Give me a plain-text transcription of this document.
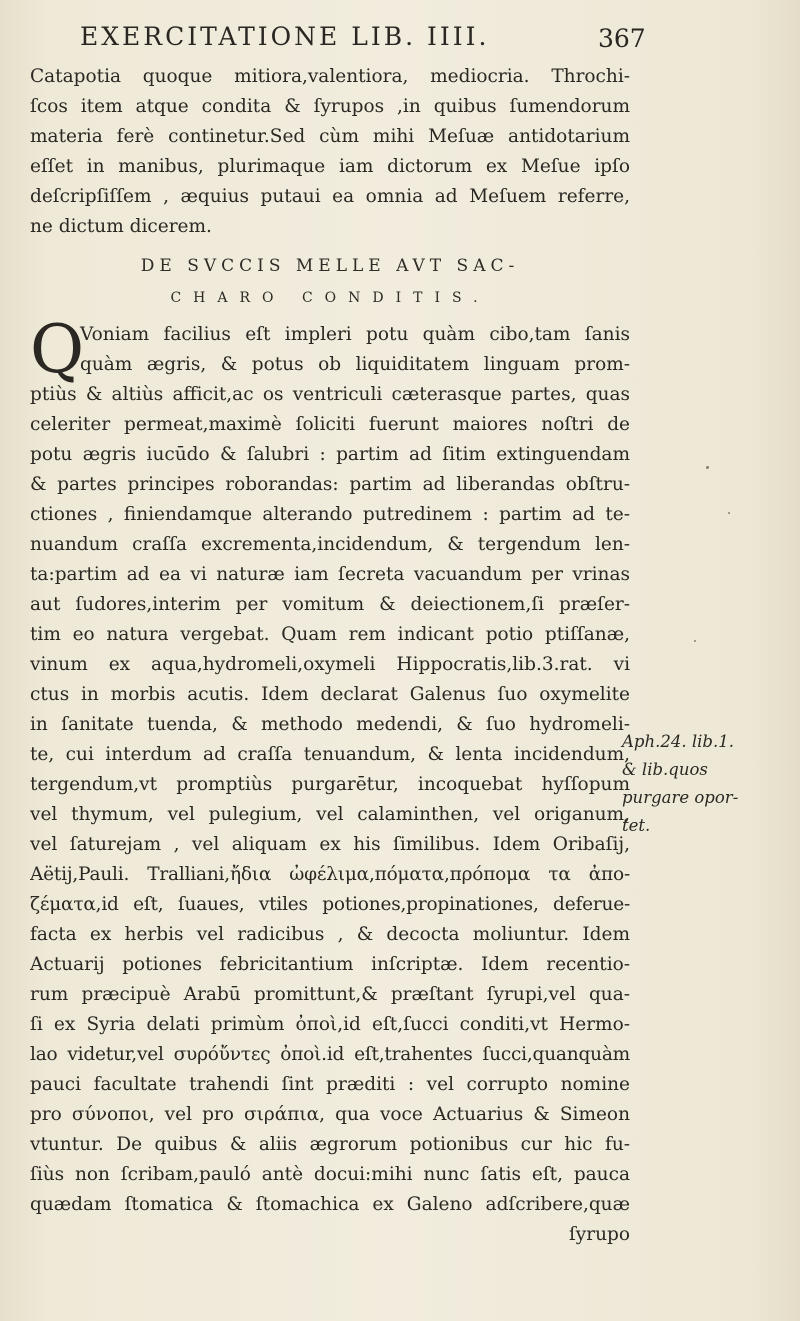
EXERCITATIONE LIB. IIII.	367
Catapotia quoque mitiora,valentiora, mediocria. Throchi-
ſcos item atque condita & ſyrupos ,in quibus ſumendorum
materia ferè continetur.Sed cùm mihi Meſuæ antidotarium
eſſet in manibus, plurimaque iam dictorum ex Meſue ipſo
deſcripſiſſem , æquius putaui ea omnia ad Meſuem referre,
ne dictum dicerem.
DE SVCCIS MELLE AVT SAC-
CHARO CONDITIS.
Q
Voniam facilius eſt impleri potu quàm cibo,tam ſanis
quàm ægris, & potus ob liquiditatem linguam prom-
ptiùs & altiùs afficit,ac os ventriculi cæterasque partes, quas
celeriter permeat,maximè ſoliciti fuerunt maiores noſtri de
potu ægris iucūdo & ſalubri : partim ad ſitim extinguendam
& partes principes roborandas: partim ad liberandas obſtru-
ctiones , finiendamque alterando putredinem : partim ad te-
nuandum craſſa excrementa,incidendum, & tergendum len-
ta:partim ad ea vi naturæ iam ſecreta vacuandum per vrinas
aut ſudores,interim per vomitum & deiectionem,ſi præſer-
tim eo natura vergebat. Quam rem indicant potio ptiſſanæ,
vinum ex aqua,hydromeli,oxymeli Hippocratis,lib.3.rat. vi
ctus in morbis acutis. Idem declarat Galenus ſuo oxymelite
in ſanitate tuenda, & methodo medendi, & ſuo hydromeli-
te, cui interdum ad craſſa tenuandum, & lenta incidendum,
tergendum,vt promptiùs purgarētur, incoquebat hyſſopum
vel thymum, vel pulegium, vel calaminthen, vel origanum,
vel ſaturejam , vel aliquam ex his ſimilibus. Idem Oribaſij,
Aëtij,Pauli. Tralliani,ἤδια ὠφέλιμα,πόματα,πρόπομα τα ἀπο-
ζέματα,id eſt, ſuaues, vtiles potiones,propinationes, deferue-
facta ex herbis vel radicibus , & decocta moliuntur. Idem
Actuarij potiones febricitantium inſcriptæ. Idem recentio-
rum præcipuè Arabū promittunt,& præſtant ſyrupi,vel qua-
ſi ex Syria delati primùm ὀποὶ,id eſt,ſucci conditi,vt Hermo-
lao videtur,vel συρόὔντες ὀποὶ.id eſt,trahentes ſucci,quanquàm
pauci facultate trahendi ſint præditi : vel corrupto nomine
pro σύνοποι, vel pro σιράπια, qua voce Actuarius & Simeon
vtuntur. De quibus & aliis ægrorum potionibus cur hic fu-
ſiùs non ſcribam,pauló antè docui:mihi nunc ſatis eſt, pauca
quædam ſtomatica & ſtomachica ex Galeno adſcribere,quæ
ſyrupo
Aph.24. lib.1.
& lib.quos
purgare opor-
tet.
